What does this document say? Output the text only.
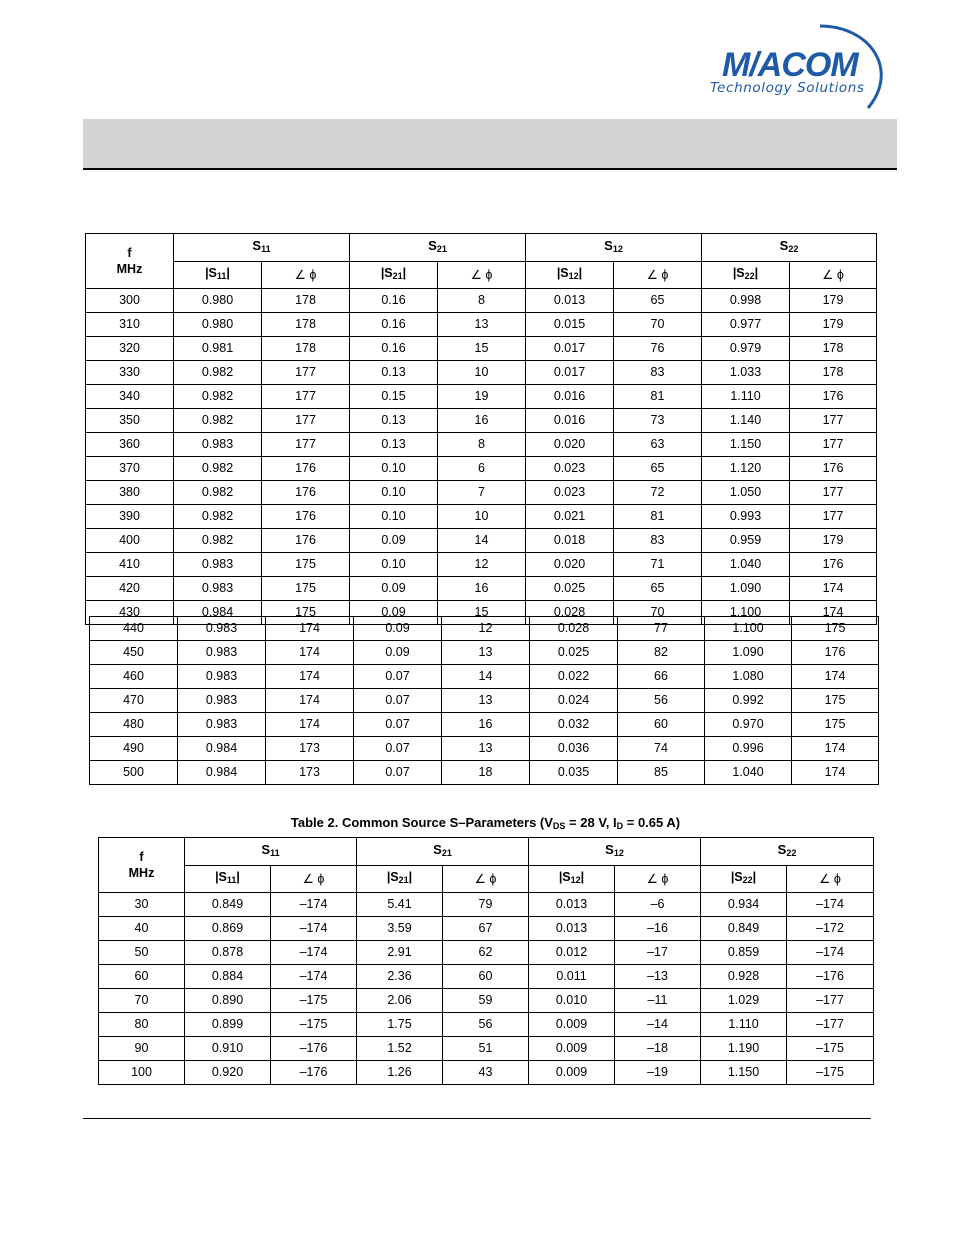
M/ACOM
Technology Solutions
f
MHz	$S_{11}$		$S_{21}$		$S_{12}$		$S_{22}$
	$|S_{11}|$	∠ ϕ	$|S_{21}|$	∠ ϕ	$|S_{12}|$	∠ ϕ	$|S_{22}|$	∠ ϕ
300	0.980	178	0.16	8	0.013	65	0.998	179
310	0.980	178	0.16	13	0.015	70	0.977	179
320	0.981	178	0.16	15	0.017	76	0.979	178
330	0.982	177	0.13	10	0.017	83	1.033	178
340	0.982	177	0.15	19	0.016	81	1.110	176
350	0.982	177	0.13	16	0.016	73	1.140	177
360	0.983	177	0.13	8	0.020	63	1.150	177
370	0.982	176	0.10	6	0.023	65	1.120	176
380	0.982	176	0.10	7	0.023	72	1.050	177
390	0.982	176	0.10	10	0.021	81	0.993	177
400	0.982	176	0.09	14	0.018	83	0.959	179
410	0.983	175	0.10	12	0.020	71	1.040	176
420	0.983	175	0.09	16	0.025	65	1.090	174
430	0.984	175	0.09	15	0.028	70	1.100	174
440	0.983	174	0.09	12	0.028	77	1.100	175
450	0.983	174	0.09	13	0.025	82	1.090	176
460	0.983	174	0.07	14	0.022	66	1.080	174
470	0.983	174	0.07	13	0.024	56	0.992	175
480	0.983	174	0.07	16	0.032	60	0.970	175
490	0.984	173	0.07	13	0.036	74	0.996	174
500	0.984	173	0.07	18	0.035	85	1.040	174
Table 2. Common Source S–Parameters ($V_{DS} = 28$ V, $I_D = 0.65$ A)
f
MHz	$S_{11}$		$S_{21}$		$S_{12}$		$S_{22}$
	$|S_{11}|$	∠ ϕ	$|S_{21}|$	∠ ϕ	$|S_{12}|$	∠ ϕ	$|S_{22}|$	∠ ϕ
30	0.849	–174	5.41	79	0.013	–6	0.934	–174
40	0.869	–174	3.59	67	0.013	–16	0.849	–172
50	0.878	–174	2.91	62	0.012	–17	0.859	–174
60	0.884	–174	2.36	60	0.011	–13	0.928	–176
70	0.890	–175	2.06	59	0.010	–11	1.029	–177
80	0.899	–175	1.75	56	0.009	–14	1.110	–177
90	0.910	–176	1.52	51	0.009	–18	1.190	–175
100	0.920	–176	1.26	43	0.009	–19	1.150	–175
